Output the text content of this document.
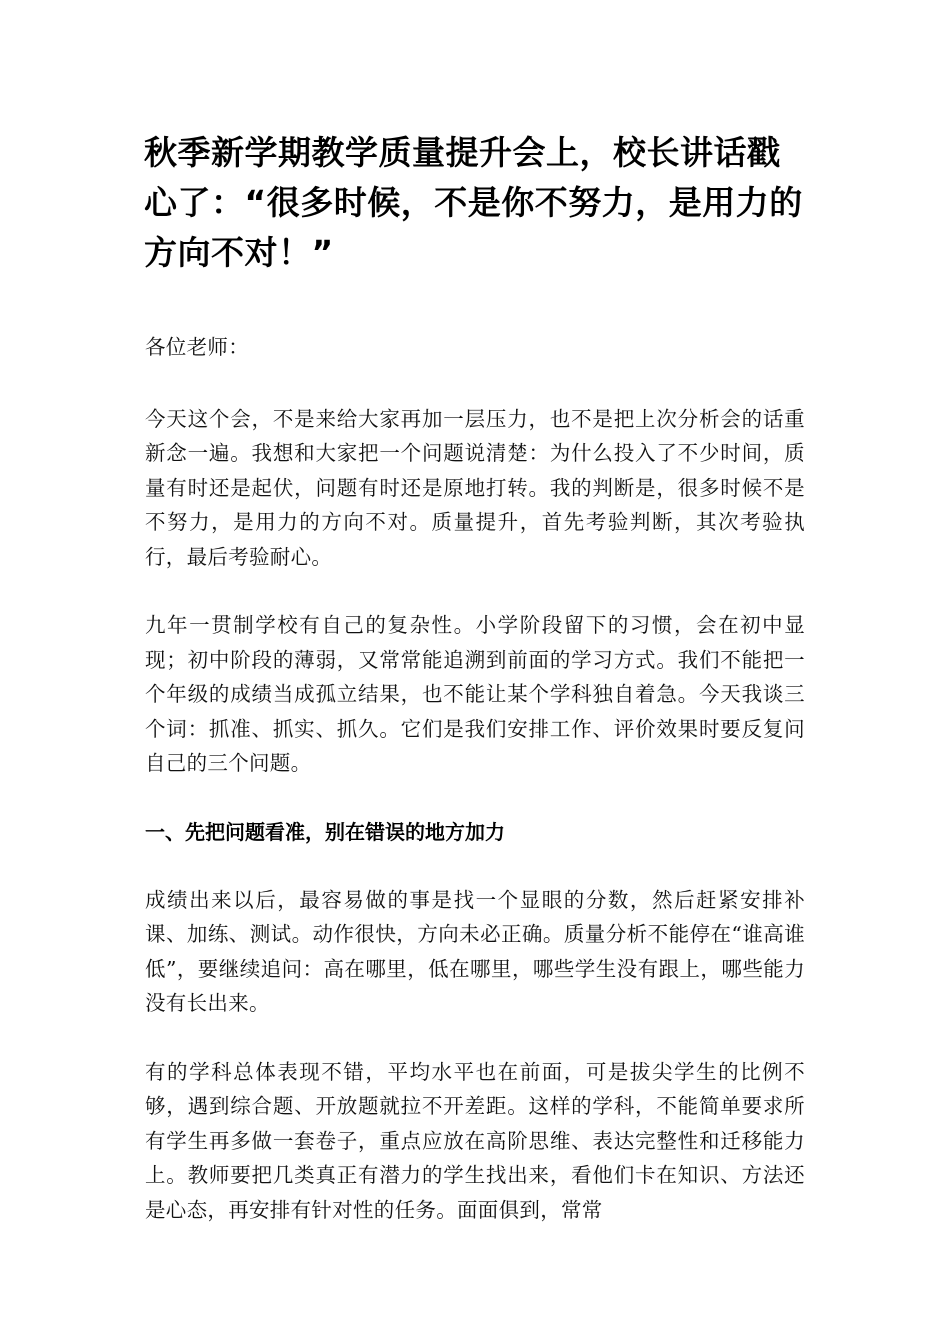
秋季新学期教学质量提升会上，校长讲话戳心了：“很多时候，不是你不努力，是用力的方向不对！”

各位老师：

今天这个会，不是来给大家再加一层压力，也不是把上次分析会的话重新念一遍。我想和大家把一个问题说清楚：为什么投入了不少时间，质量有时还是起伏，问题有时还是原地打转。我的判断是，很多时候不是不努力，是用力的方向不对。质量提升，首先考验判断，其次考验执行，最后考验耐心。

九年一贯制学校有自己的复杂性。小学阶段留下的习惯，会在初中显现；初中阶段的薄弱，又常常能追溯到前面的学习方式。我们不能把一个年级的成绩当成孤立结果，也不能让某个学科独自着急。今天我谈三个词：抓准、抓实、抓久。它们是我们安排工作、评价效果时要反复问自己的三个问题。

一、先把问题看准，别在错误的地方加力

成绩出来以后，最容易做的事是找一个显眼的分数，然后赶紧安排补课、加练、测试。动作很快，方向未必正确。质量分析不能停在“谁高谁低”，要继续追问：高在哪里，低在哪里，哪些学生没有跟上，哪些能力没有长出来。

有的学科总体表现不错，平均水平也在前面，可是拔尖学生的比例不够，遇到综合题、开放题就拉不开差距。这样的学科，不能简单要求所有学生再多做一套卷子，重点应放在高阶思维、表达完整性和迁移能力上。教师要把几类真正有潜力的学生找出来，看他们卡在知识、方法还是心态，再安排有针对性的任务。面面俱到，常常
